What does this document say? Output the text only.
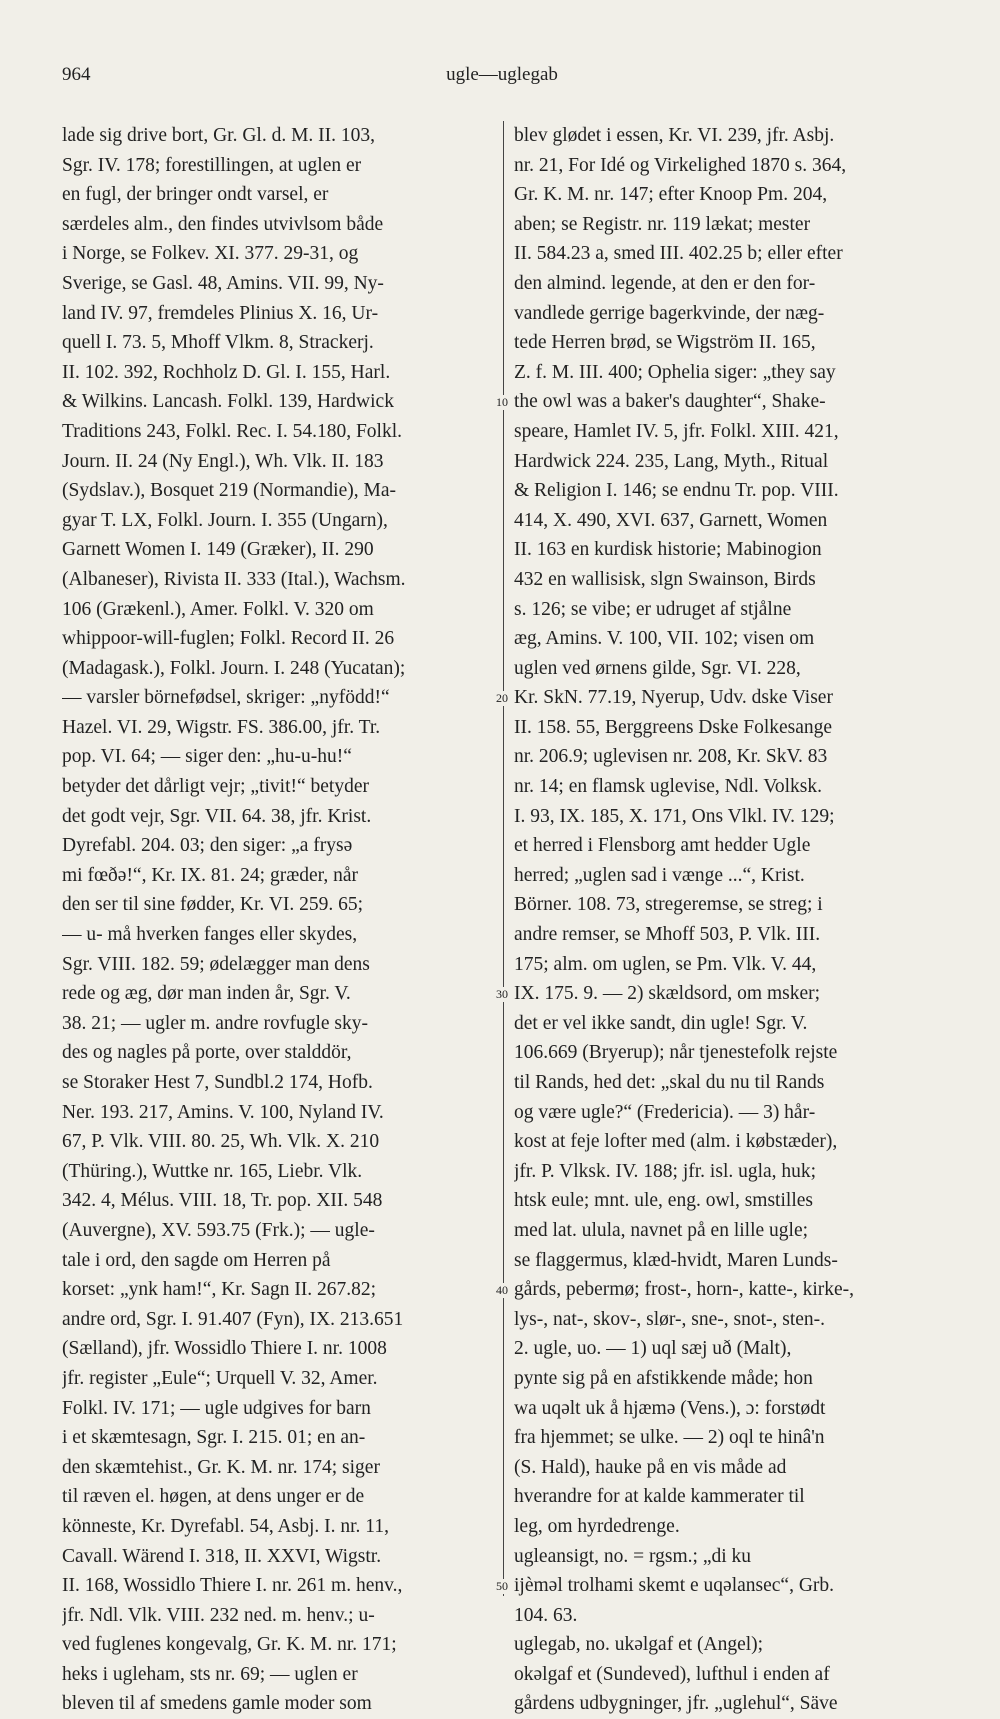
964	ugle—uglegab
lade sig drive bort, Gr. Gl. d. M. II. 103,
Sgr. IV. 178; forestillingen, at uglen er
en fugl, der bringer ondt varsel, er
særdeles alm., den findes utvivlsom både
i Norge, se Folkev. XI. 377. 29-31, og
Sverige, se Gasl. 48, Amins. VII. 99, Ny-
land IV. 97, fremdeles Plinius X. 16, Ur-
quell I. 73. 5, Mhoff Vlkm. 8, Strackerj.
II. 102. 392, Rochholz D. Gl. I. 155, Harl.
& Wilkins. Lancash. Folkl. 139, Hardwick
Traditions 243, Folkl. Rec. I. 54.180, Folkl.
Journ. II. 24 (Ny Engl.), Wh. Vlk. II. 183
(Sydslav.), Bosquet 219 (Normandie), Ma-
gyar T. LX, Folkl. Journ. I. 355 (Ungarn),
Garnett Women I. 149 (Græker), II. 290
(Albaneser), Rivista II. 333 (Ital.), Wachsm.
106 (Grækenl.), Amer. Folkl. V. 320 om
whippoor-will-fuglen; Folkl. Record II. 26
(Madagask.), Folkl. Journ. I. 248 (Yucatan);
— varsler börnefødsel, skriger: „nyfödd!“
Hazel. VI. 29, Wigstr. FS. 386.00, jfr. Tr.
pop. VI. 64; — siger den: „hu-u-hu!“
betyder det dårligt vejr; „tivit!“ betyder
det godt vejr, Sgr. VII. 64. 38, jfr. Krist.
Dyrefabl. 204. 03; den siger: „a frysə
mi fœðə!“, Kr. IX. 81. 24; græder, når
den ser til sine fødder, Kr. VI. 259. 65;
— u- må hverken fanges eller skydes,
Sgr. VIII. 182. 59; ødelægger man dens
rede og æg, dør man inden år, Sgr. V.
38. 21; — ugler m. andre rovfugle sky-
des og nagles på porte, over stalddör,
se Storaker Hest 7, Sundbl.2 174, Hofb.
Ner. 193. 217, Amins. V. 100, Nyland IV.
67, P. Vlk. VIII. 80. 25, Wh. Vlk. X. 210
(Thüring.), Wuttke nr. 165, Liebr. Vlk.
342. 4, Mélus. VIII. 18, Tr. pop. XII. 548
(Auvergne), XV. 593.75 (Frk.); — ugle-
tale i ord, den sagde om Herren på
korset: „ynk ham!“, Kr. Sagn II. 267.82;
andre ord, Sgr. I. 91.407 (Fyn), IX. 213.651
(Sælland), jfr. Wossidlo Thiere I. nr. 1008
jfr. register „Eule“; Urquell V. 32, Amer.
Folkl. IV. 171; — ugle udgives for barn
i et skæmtesagn, Sgr. I. 215. 01; en an-
den skæmtehist., Gr. K. M. nr. 174; siger
til ræven el. høgen, at dens unger er de
könneste, Kr. Dyrefabl. 54, Asbj. I. nr. 11,
Cavall. Wärend I. 318, II. XXVI, Wigstr.
II. 168, Wossidlo Thiere I. nr. 261 m. henv.,
jfr. Ndl. Vlk. VIII. 232 ned. m. henv.; u-
ved fuglenes kongevalg, Gr. K. M. nr. 171;
heks i ugleham, sts nr. 69; — uglen er
bleven til af smedens gamle moder som
10
20
30
40
50
blev glødet i essen, Kr. VI. 239, jfr. Asbj.
nr. 21, For Idé og Virkelighed 1870 s. 364,
Gr. K. M. nr. 147; efter Knoop Pm. 204,
aben; se Registr. nr. 119 lækat; mester
II. 584.23 a, smed III. 402.25 b; eller efter
den almind. legende, at den er den for-
vandlede gerrige bagerkvinde, der næg-
tede Herren brød, se Wigström II. 165,
Z. f. M. III. 400; Ophelia siger: „they say
the owl was a baker's daughter“, Shake-
speare, Hamlet IV. 5, jfr. Folkl. XIII. 421,
Hardwick 224. 235, Lang, Myth., Ritual
& Religion I. 146; se endnu Tr. pop. VIII.
414, X. 490, XVI. 637, Garnett, Women
II. 163 en kurdisk historie; Mabinogion
432 en wallisisk, slgn Swainson, Birds
s. 126; se vibe; er udruget af stjålne
æg, Amins. V. 100, VII. 102; visen om
uglen ved ørnens gilde, Sgr. VI. 228,
Kr. SkN. 77.19, Nyerup, Udv. dske Viser
II. 158. 55, Berggreens Dske Folkesange
nr. 206.9; uglevisen nr. 208, Kr. SkV. 83
nr. 14; en flamsk uglevise, Ndl. Volksk.
I. 93, IX. 185, X. 171, Ons Vlkl. IV. 129;
et herred i Flensborg amt hedder Ugle
herred; „uglen sad i vænge ...“, Krist.
Börner. 108. 73, stregeremse, se streg; i
andre remser, se Mhoff 503, P. Vlk. III.
175; alm. om uglen, se Pm. Vlk. V. 44,
IX. 175. 9. — 2) skældsord, om msker;
det er vel ikke sandt, din ugle! Sgr. V.
106.669 (Bryerup); når tjenestefolk rejste
til Rands, hed det: „skal du nu til Rands
og være ugle?“ (Fredericia). — 3) hår-
kost at feje lofter med (alm. i købstæder),
jfr. P. Vlksk. IV. 188; jfr. isl. ugla, huk;
htsk eule; mnt. ule, eng. owl, smstilles
med lat. ulula, navnet på en lille ugle;
se flaggermus, klæd-hvidt, Maren Lunds-
gårds, pebermø; frost-, horn-, katte-, kirke-,
lys-, nat-, skov-, slør-, sne-, snot-, sten-.
2. ugle, uo. — 1) uql sæj uð (Malt),
pynte sig på en afstikkende måde; hon
wa uqəlt uk å hjæmə (Vens.), ɔ: forstødt
fra hjemmet; se ulke. — 2) oql te hinâ'n
(S. Hald), hauke på en vis måde ad
hverandre for at kalde kammerater til
leg, om hyrdedrenge.
ugleansigt, no. = rgsm.; „di ku
ijèməl trolhami skemt e uqəlansec“, Grb.
104. 63.
uglegab, no. ukəlgaf et (Angel);
okəlgaf et (Sundeved), lufthul i enden af
gårdens udbygninger, jfr. „uglehul“, Säve
